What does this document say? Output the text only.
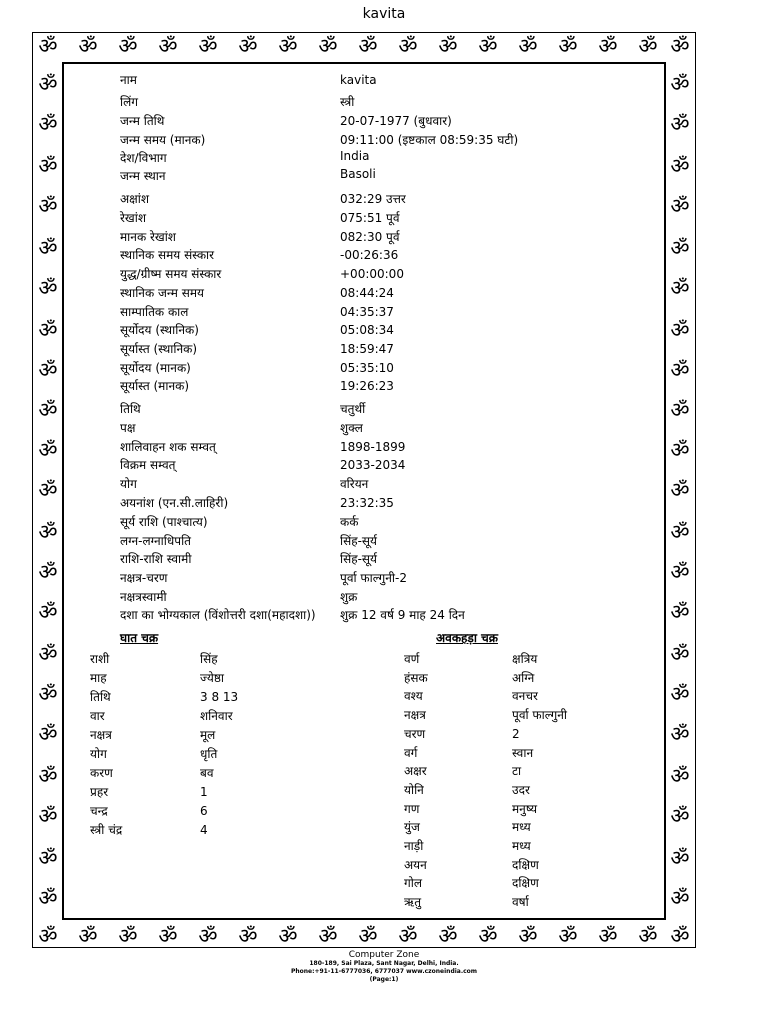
kavita
ॐ ॐ ॐ ॐ ॐ ॐ ॐ ॐ ॐ ॐ ॐ ॐ ॐ ॐ ॐ ॐ ॐ
ॐ ॐ ॐ ॐ ॐ ॐ ॐ ॐ ॐ ॐ ॐ ॐ ॐ ॐ ॐ ॐ ॐ
ॐ
ॐ
ॐ
ॐ
ॐ
ॐ
ॐ
ॐ
ॐ
ॐ
ॐ
ॐ
ॐ
ॐ
ॐ
ॐ
ॐ
ॐ
ॐ
ॐ
ॐ
ॐ
ॐ
ॐ
ॐ
ॐ
ॐ
ॐ
ॐ
ॐ
ॐ
ॐ
ॐ
ॐ
ॐ
ॐ
ॐ
ॐ
ॐ
ॐ
ॐ
ॐ
नाम	kavita
लिंग	स्त्री
जन्म तिथि	20-07-1977 (बुधवार)
जन्म समय (मानक)	09:11:00 (इष्टकाल 08:59:35 घटी)
देश/विभाग	India
जन्म स्थान	Basoli
अक्षांश	032:29 उत्तर
रेखांश	075:51 पूर्व
मानक रेखांश	082:30 पूर्व
स्थानिक समय संस्कार	-00:26:36
युद्ध/ग्रीष्म समय संस्कार	+00:00:00
स्थानिक जन्म समय	08:44:24
साम्पातिक काल	04:35:37
सूर्योदय (स्थानिक)	05:08:34
सूर्यास्त (स्थानिक)	18:59:47
सूर्योदय (मानक)	05:35:10
सूर्यास्त (मानक)	19:26:23
तिथि	चतुर्थी
पक्ष	शुक्ल
शालिवाहन शक सम्वत्	1898-1899
विक्रम सम्वत्	2033-2034
योग	वरियन
अयनांश (एन.सी.लाहिरी)	23:32:35
सूर्य राशि (पाश्चात्य)	कर्क
लग्न-लग्नाधिपति	सिंह-सूर्य
राशि-राशि स्वामी	सिंह-सूर्य
नक्षत्र-चरण	पूर्वा फाल्गुनी-2
नक्षत्रस्वामी	शुक्र
दशा का भोग्यकाल (विंशोत्तरी दशा(महादशा)) शुक्र 12 वर्ष 9 माह 24 दिन
घात चक्र	अवकहड़ा चक्र
राशी	सिंह
माह	ज्येष्ठा
तिथि	3 8 13
वार	शनिवार
नक्षत्र	मूल
योग	धृति
करण	बव
प्रहर	1
चन्द्र	6
स्त्री चंद्र	4
वर्ण	क्षत्रिय
हंसक	अग्नि
वश्य	वनचर
नक्षत्र	पूर्वा फाल्गुनी
चरण	2
वर्ग	स्वान
अक्षर	टा
योनि	उदर
गण	मनुष्य
युंज	मध्य
नाड़ी	मध्य
अयन	दक्षिण
गोल	दक्षिण
ऋतु	वर्षा
Computer Zone
180-189, Sai Plaza, Sant Nagar, Delhi, India.
Phone:+91-11-6777036, 6777037 www.czoneindia.com
(Page:1)
